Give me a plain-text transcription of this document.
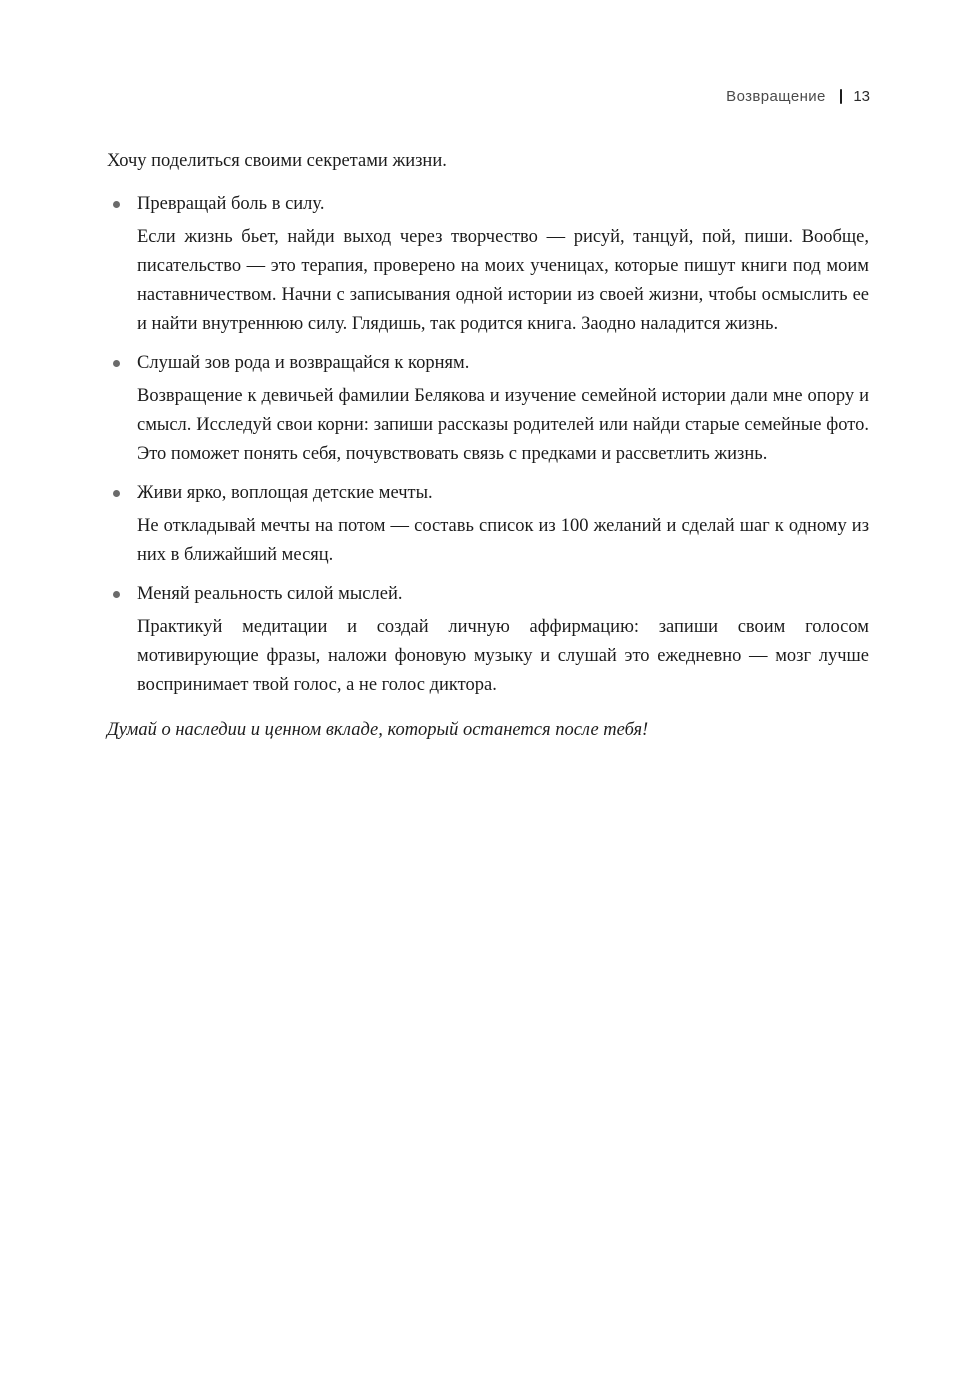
Возвращение 13

Хочу поделиться своими секретами жизни.

Превращай боль в силу.

Если жизнь бьет, найди выход через творчество — рисуй, танцуй, пой, пиши. Вообще, писательство — это терапия, проверено на моих ученицах, которые пишут книги под моим наставничеством. Начни с записывания одной истории из своей жизни, чтобы осмыслить ее и найти внутреннюю силу. Глядишь, так родится книга. Заодно наладится жизнь.

Слушай зов рода и возвращайся к корням.

Возвращение к девичьей фамилии Белякова и изучение семейной истории дали мне опору и смысл. Исследуй свои корни: запиши рассказы родителей или найди старые семейные фото. Это поможет понять себя, почувствовать связь с предками и рассветлить жизнь.

Живи ярко, воплощая детские мечты.

Не откладывай мечты на потом — составь список из 100 желаний и сделай шаг к одному из них в ближайший месяц.

Меняй реальность силой мыслей.

Практикуй медитации и создай личную аффирмацию: запиши своим голосом мотивирующие фразы, наложи фоновую музыку и слушай это ежедневно — мозг лучше воспринимает твой голос, а не голос диктора.

Думай о наследии и ценном вкладе, который останется после тебя!
